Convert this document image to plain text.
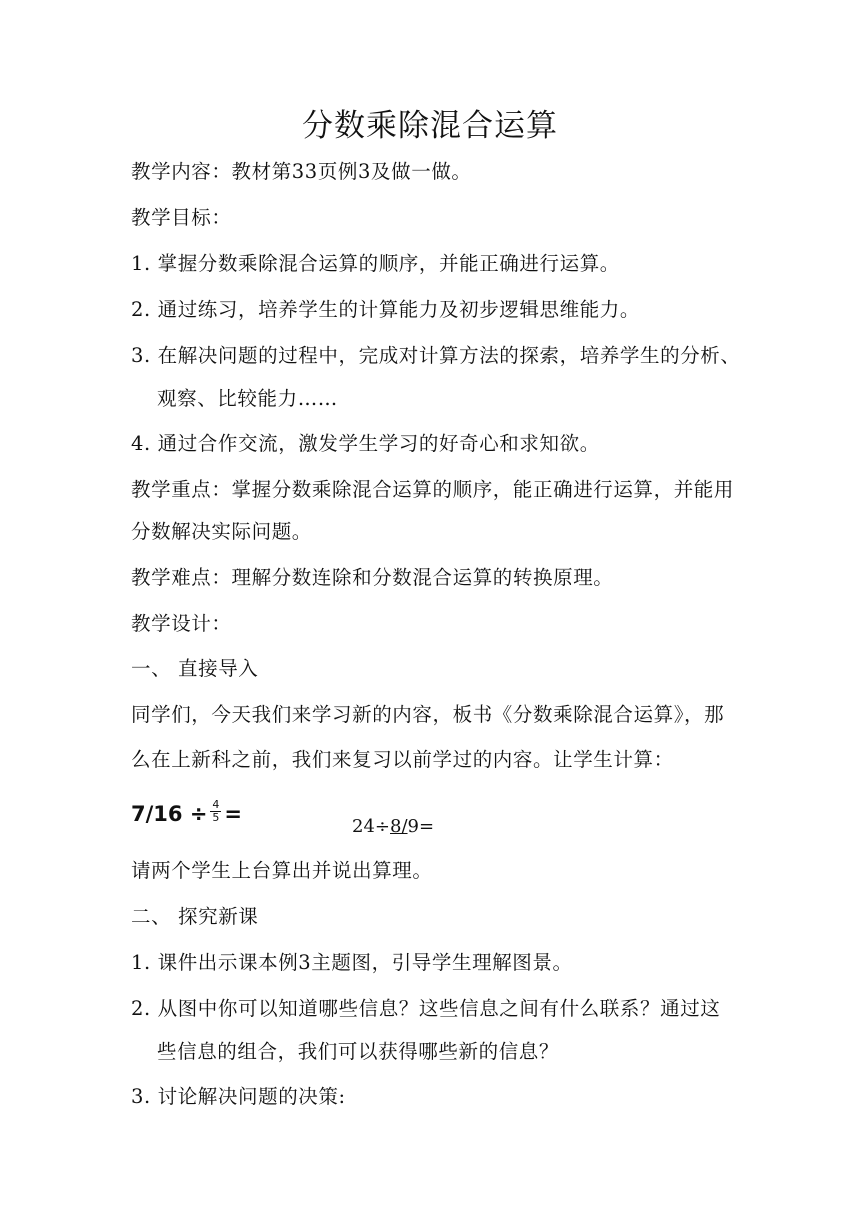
分数乘除混合运算
教学内容：教材第33页例3及做一做。
教学目标：
1. 掌握分数乘除混合运算的顺序，并能正确进行运算。
2. 通过练习，培养学生的计算能力及初步逻辑思维能力。
3. 在解决问题的过程中，完成对计算方法的探索，培养学生的分析、
观察、比较能力……
4. 通过合作交流，激发学生学习的好奇心和求知欲。
教学重点：掌握分数乘除混合运算的顺序，能正确进行运算，并能用
分数解决实际问题。
教学难点：理解分数连除和分数混合运算的转换原理。
教学设计：
一、 直接导入
同学们，今天我们来学习新的内容，板书《分数乘除混合运算》，那
么在上新科之前，我们来复习以前学过的内容。让学生计算：
$7/16 \div \frac{4}{5}$ =
24÷8/9=
请两个学生上台算出并说出算理。
二、 探究新课
1. 课件出示课本例3主题图，引导学生理解图景。
2. 从图中你可以知道哪些信息？这些信息之间有什么联系？通过这
些信息的组合，我们可以获得哪些新的信息？
3. 讨论解决问题的决策:
